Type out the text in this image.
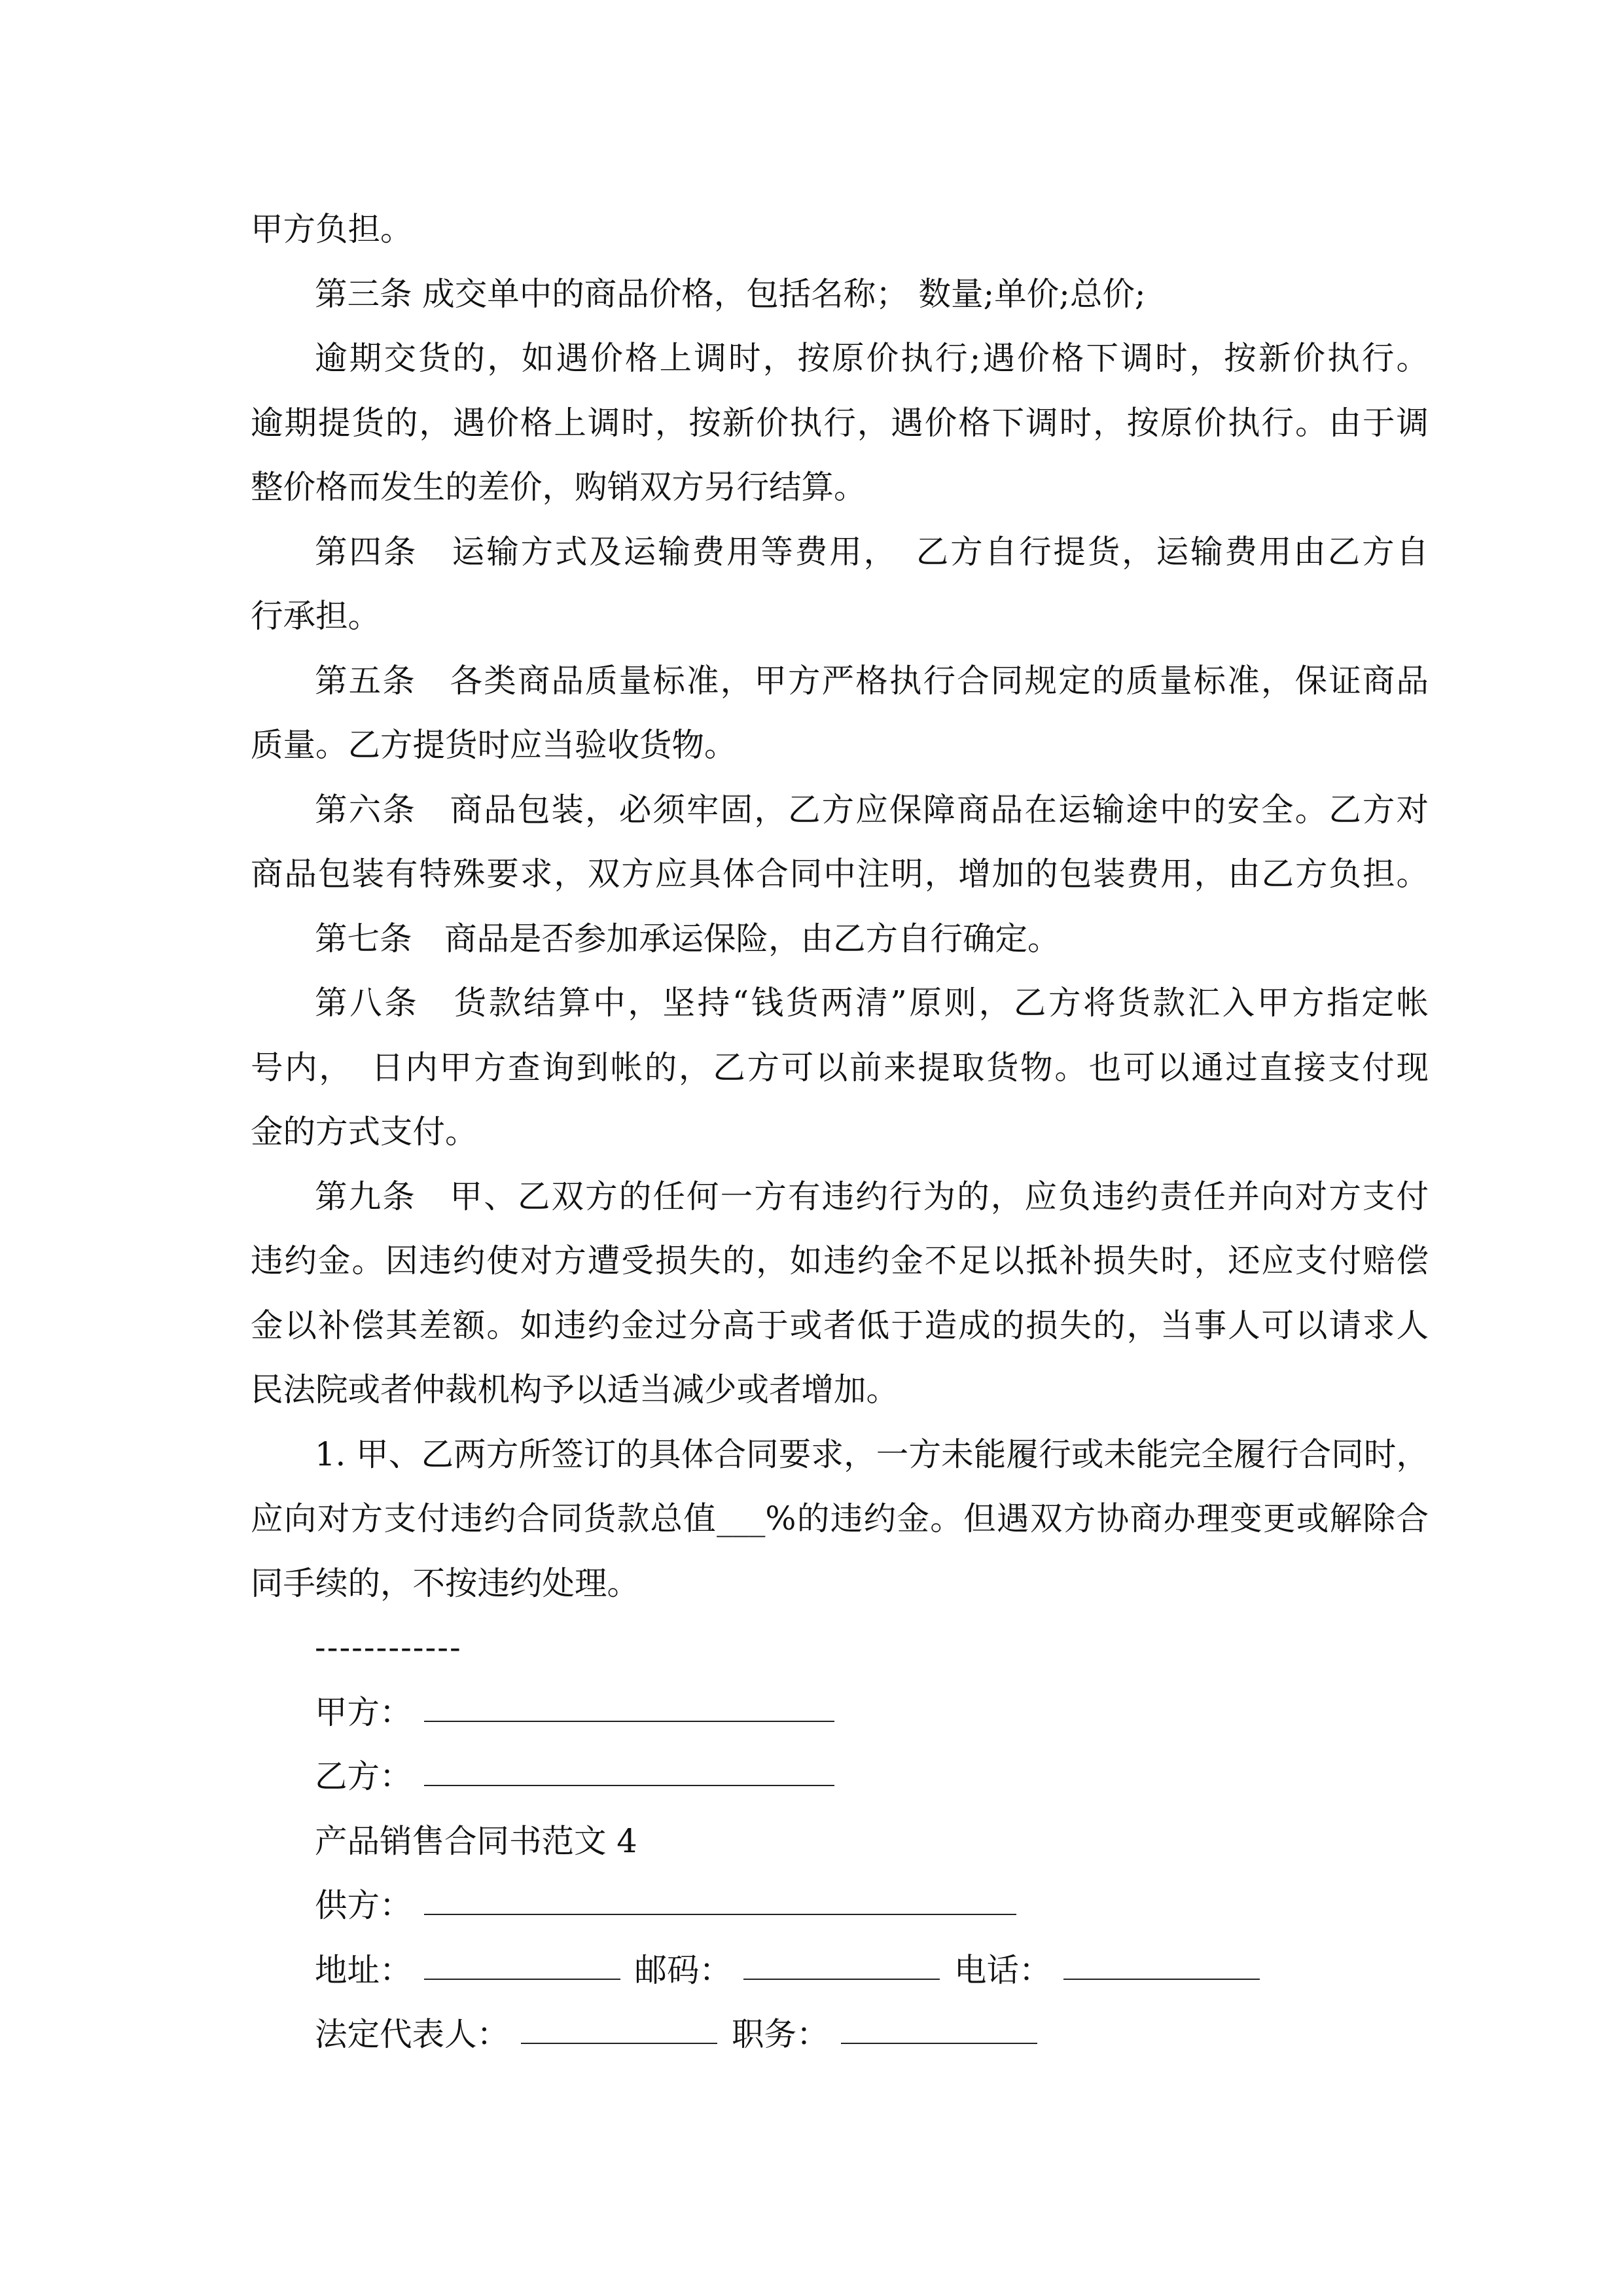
甲方负担。
第三条 成交单中的商品价格，包括名称； 数量;单价;总价;
逾期交货的，如遇价格上调时，按原价执行;遇价格下调时，按新价执行。
逾期提货的，遇价格上调时，按新价执行，遇价格下调时，按原价执行。由于调
整价格而发生的差价，购销双方另行结算。
第四条　运输方式及运输费用等费用，　乙方自行提货，运输费用由乙方自
行承担。
第五条　各类商品质量标准，甲方严格执行合同规定的质量标准，保证商品
质量。乙方提货时应当验收货物。
第六条　商品包装，必须牢固，乙方应保障商品在运输途中的安全。乙方对
商品包装有特殊要求，双方应具体合同中注明，增加的包装费用，由乙方负担。
第七条　商品是否参加承运保险，由乙方自行确定。
第八条　货款结算中，坚持“钱货两清”原则，乙方将货款汇入甲方指定帐
号内，　日内甲方查询到帐的，乙方可以前来提取货物。也可以通过直接支付现
金的方式支付。
第九条　甲、乙双方的任何一方有违约行为的，应负违约责任并向对方支付
违约金。因违约使对方遭受损失的，如违约金不足以抵补损失时，还应支付赔偿
金以补偿其差额。如违约金过分高于或者低于造成的损失的，当事人可以请求人
民法院或者仲裁机构予以适当减少或者增加。
1. 甲、乙两方所签订的具体合同要求，一方未能履行或未能完全履行合同时，
应向对方支付违约合同货款总值___%的违约金。但遇双方协商办理变更或解除合
同手续的，不按违约处理。
------------
甲方：
乙方：
产品销售合同书范文 4
供方：
地址：	邮码：	电话：
法定代表人：	职务：
